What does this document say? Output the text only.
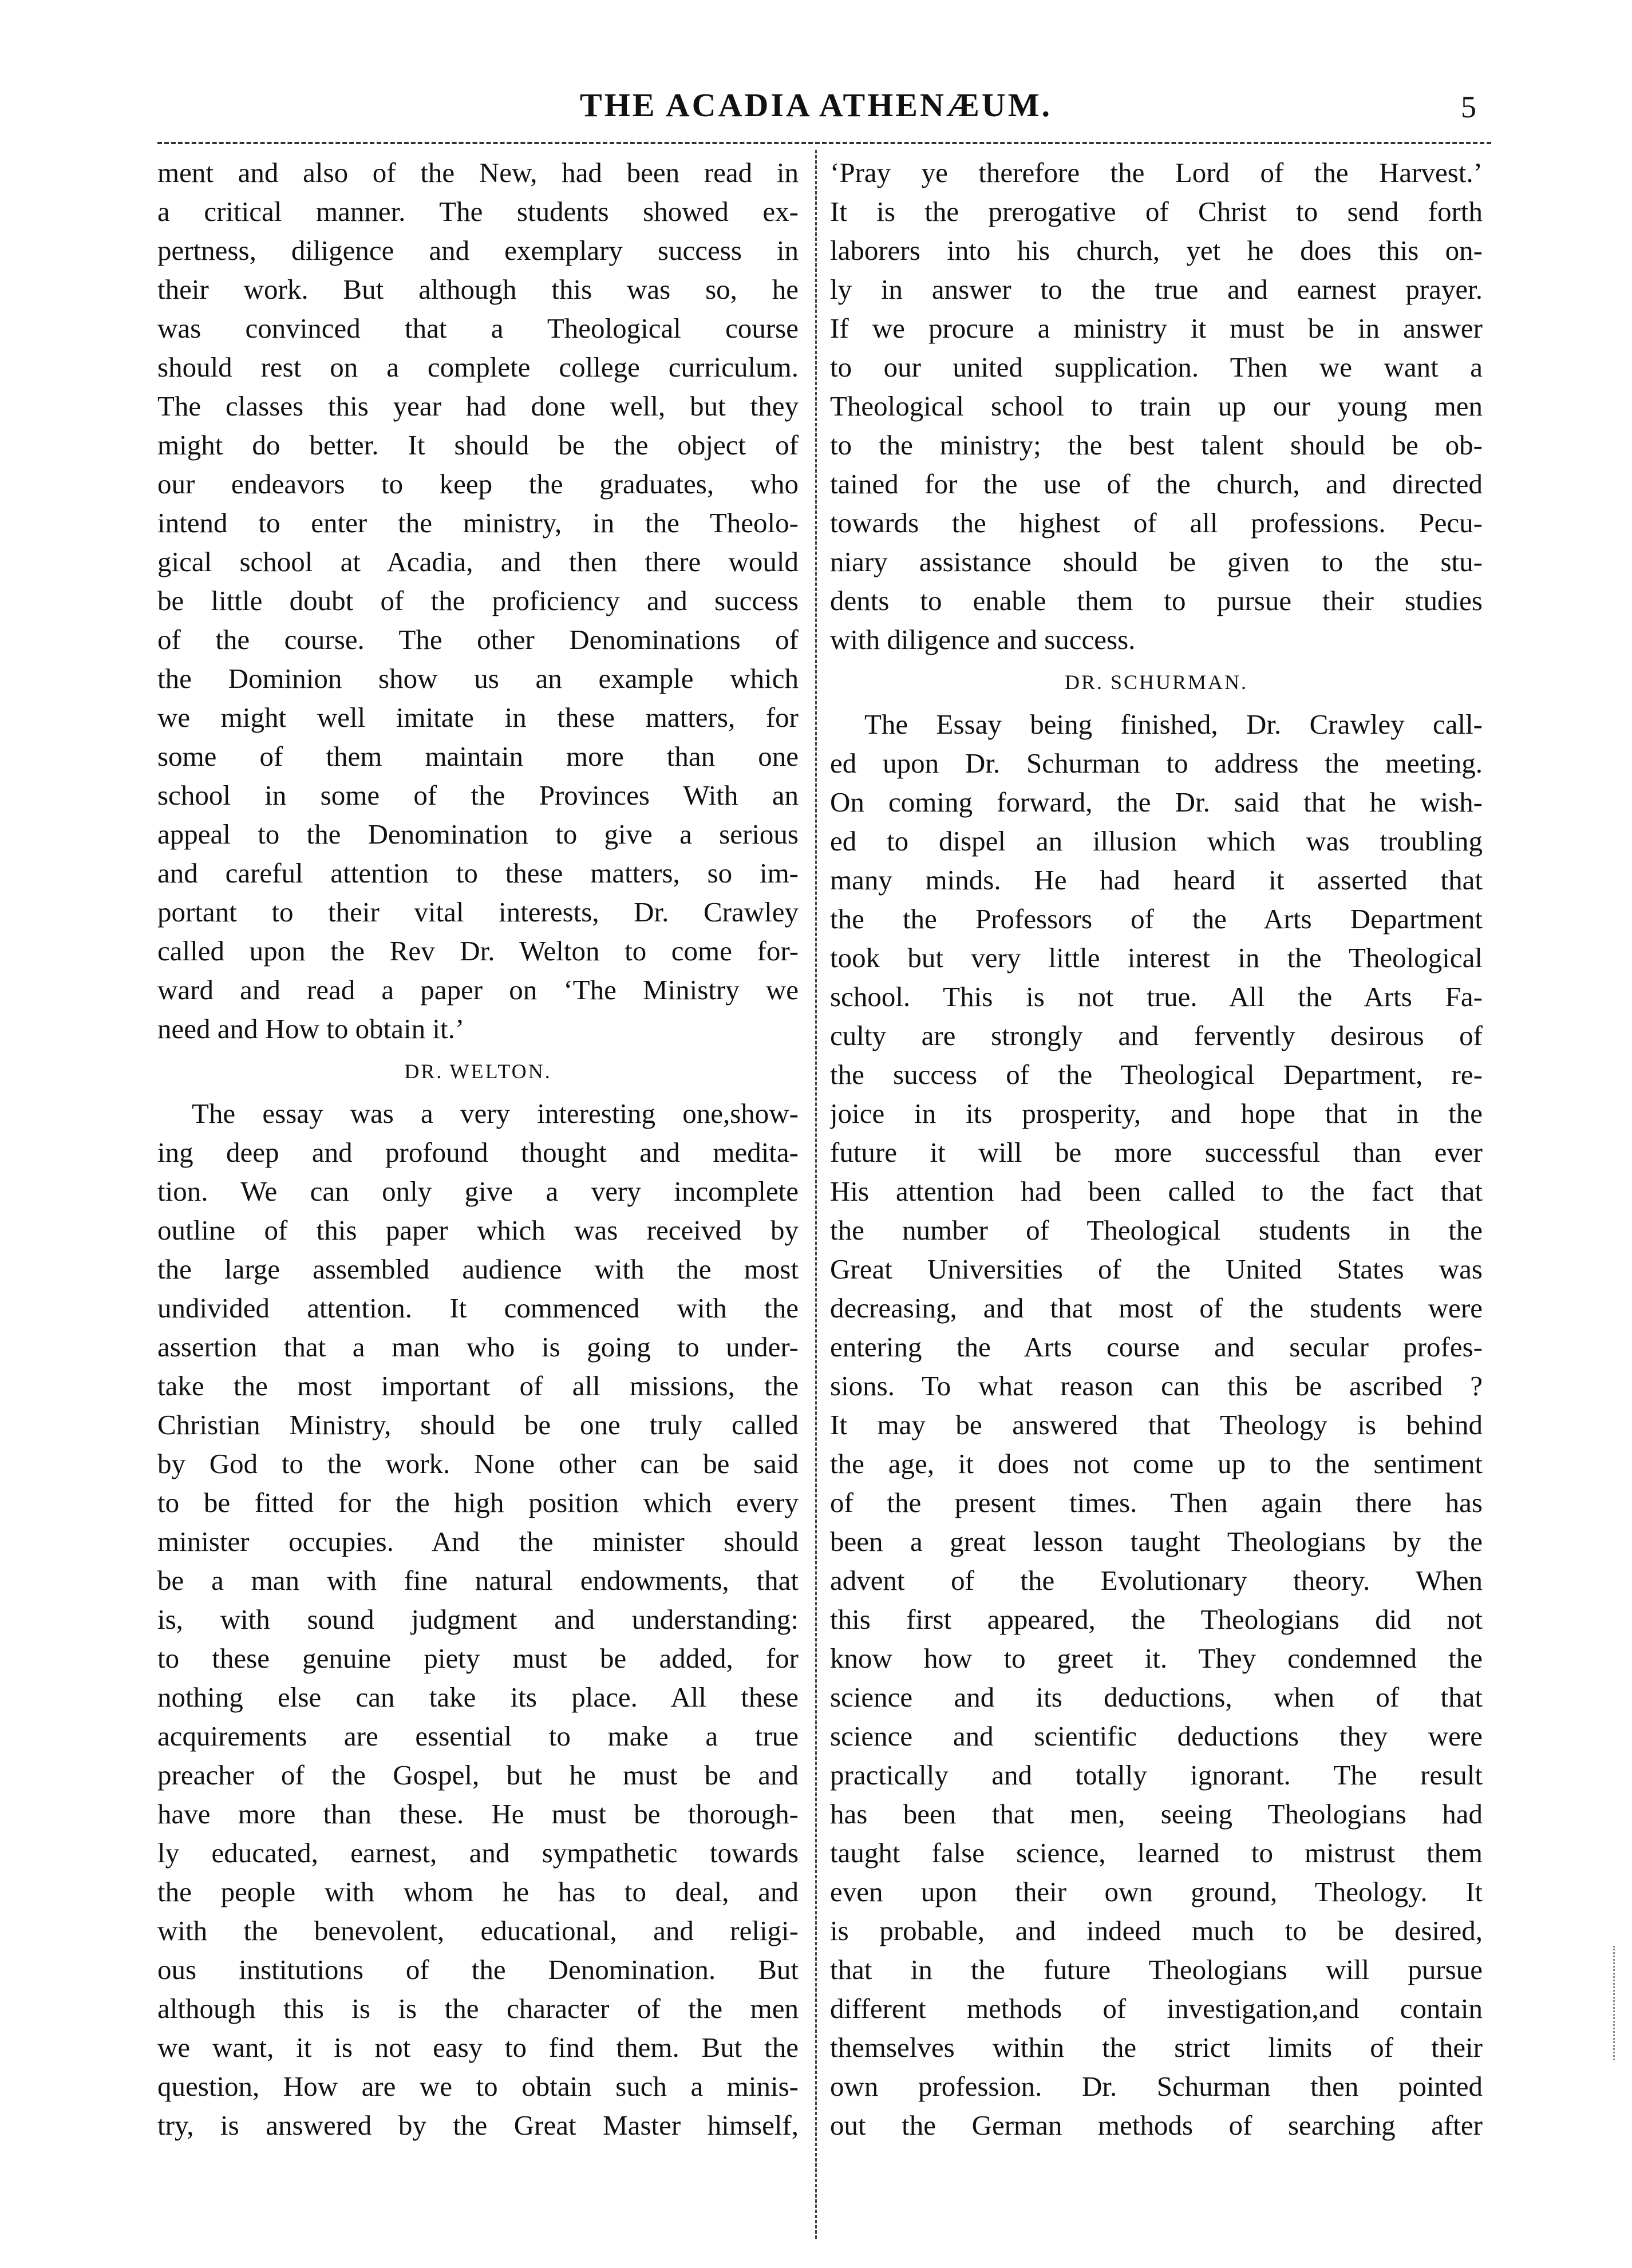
THE ACADIA ATHENÆUM.	5
ment and also of the New, had been read in
a critical manner. The students showed ex-
pertness, diligence and exemplary success in
their work. But although this was so, he
was convinced that a Theological course
should rest on a complete college curriculum.
The classes this year had done well, but they
might do better. It should be the object of
our endeavors to keep the graduates, who
intend to enter the ministry, in the Theolo-
gical school at Acadia, and then there would
be little doubt of the proficiency and success
of the course. The other Denominations of
the Dominion show us an example which
we might well imitate in these matters, for
some of them maintain more than one
school in some of the Provinces With an
appeal to the Denomination to give a serious
and careful attention to these matters, so im-
portant to their vital interests, Dr. Crawley
called upon the Rev Dr. Welton to come for-
ward and read a paper on ‘The Ministry we
need and How to obtain it.’
DR. WELTON.
The essay was a very interesting one,show-
ing deep and profound thought and medita-
tion. We can only give a very incomplete
outline of this paper which was received by
the large assembled audience with the most
undivided attention. It commenced with the
assertion that a man who is going to under-
take the most important of all missions, the
Christian Ministry, should be one truly called
by God to the work. None other can be said
to be fitted for the high position which every
minister occupies. And the minister should
be a man with fine natural endowments, that
is, with sound judgment and understanding:
to these genuine piety must be added, for
nothing else can take its place. All these
acquirements are essential to make a true
preacher of the Gospel, but he must be and
have more than these. He must be thorough-
ly educated, earnest, and sympathetic towards
the people with whom he has to deal, and
with the benevolent, educational, and religi-
ous institutions of the Denomination. But
although this is is the character of the men
we want, it is not easy to find them. But the
question, How are we to obtain such a minis-
try, is answered by the Great Master himself,
‘Pray ye therefore the Lord of the Harvest.’
It is the prerogative of Christ to send forth
laborers into his church, yet he does this on-
ly in answer to the true and earnest prayer.
If we procure a ministry it must be in answer
to our united supplication. Then we want a
Theological school to train up our young men
to the ministry; the best talent should be ob-
tained for the use of the church, and directed
towards the highest of all professions. Pecu-
niary assistance should be given to the stu-
dents to enable them to pursue their studies
with diligence and success.
DR. SCHURMAN.
The Essay being finished, Dr. Crawley call-
ed upon Dr. Schurman to address the meeting.
On coming forward, the Dr. said that he wish-
ed to dispel an illusion which was troubling
many minds. He had heard it asserted that
the the Professors of the Arts Department
took but very little interest in the Theological
school. This is not true. All the Arts Fa-
culty are strongly and fervently desirous of
the success of the Theological Department, re-
joice in its prosperity, and hope that in the
future it will be more successful than ever
His attention had been called to the fact that
the number of Theological students in the
Great Universities of the United States was
decreasing, and that most of the students were
entering the Arts course and secular profes-
sions. To what reason can this be ascribed ?
It may be answered that Theology is behind
the age, it does not come up to the sentiment
of the present times. Then again there has
been a great lesson taught Theologians by the
advent of the Evolutionary theory. When
this first appeared, the Theologians did not
know how to greet it. They condemned the
science and its deductions, when of that
science and scientific deductions they were
practically and totally ignorant. The result
has been that men, seeing Theologians had
taught false science, learned to mistrust them
even upon their own ground, Theology. It
is probable, and indeed much to be desired,
that in the future Theologians will pursue
different methods of investigation,and contain
themselves within the strict limits of their
own profession. Dr. Schurman then pointed
out the German methods of searching after
